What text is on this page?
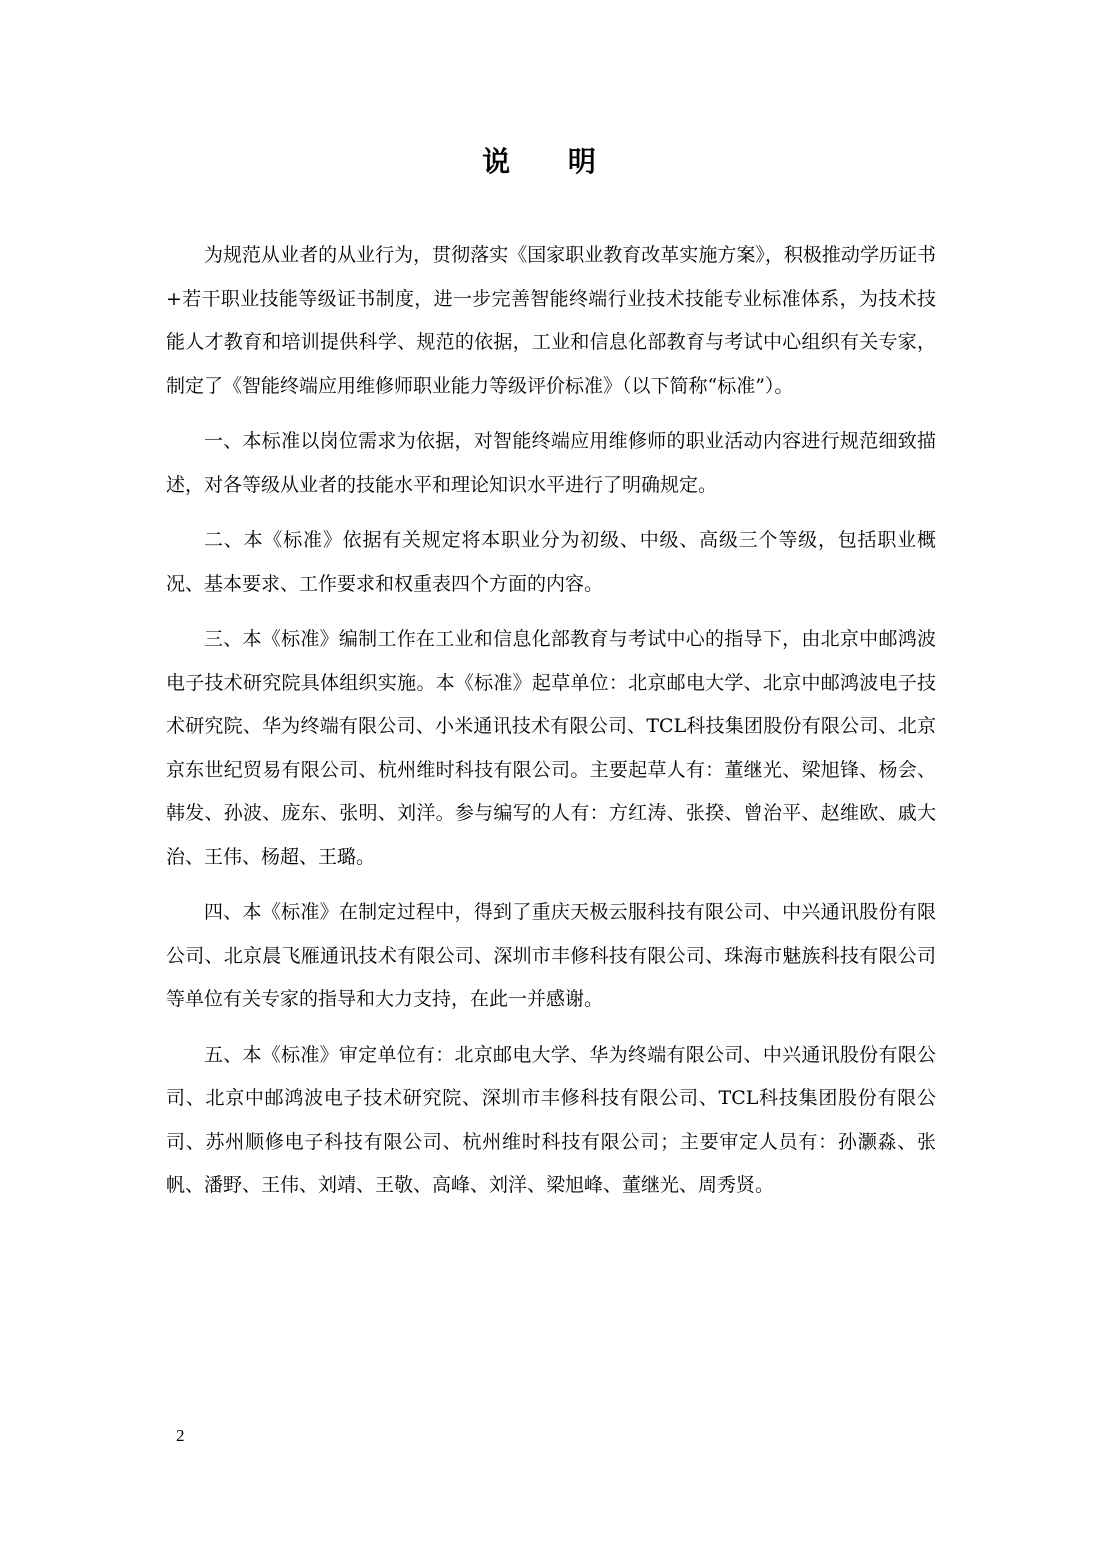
说 明

为规范从业者的从业行为，贯彻落实《国家职业教育改革实施方案》，积极推动学历证书+若干职业技能等级证书制度，进一步完善智能终端行业技术技能专业标准体系，为技术技能人才教育和培训提供科学、规范的依据，工业和信息化部教育与考试中心组织有关专家，制定了《智能终端应用维修师职业能力等级评价标准》（以下简称“标准”）。

一、本标准以岗位需求为依据，对智能终端应用维修师的职业活动内容进行规范细致描述，对各等级从业者的技能水平和理论知识水平进行了明确规定。

二、本《标准》依据有关规定将本职业分为初级、中级、高级三个等级，包括职业概况、基本要求、工作要求和权重表四个方面的内容。

三、本《标准》编制工作在工业和信息化部教育与考试中心的指导下，由北京中邮鸿波电子技术研究院具体组织实施。本《标准》起草单位：北京邮电大学、北京中邮鸿波电子技术研究院、华为终端有限公司、小米通讯技术有限公司、TCL科技集团股份有限公司、北京京东世纪贸易有限公司、杭州维时科技有限公司。主要起草人有：董继光、梁旭锋、杨会、韩发、孙波、庞东、张明、刘洋。参与编写的人有：方红涛、张揆、曾治平、赵维欧、戚大治、王伟、杨超、王璐。

四、本《标准》在制定过程中，得到了重庆天极云服科技有限公司、中兴通讯股份有限公司、北京晨飞雁通讯技术有限公司、深圳市丰修科技有限公司、珠海市魅族科技有限公司等单位有关专家的指导和大力支持，在此一并感谢。

五、本《标准》审定单位有：北京邮电大学、华为终端有限公司、中兴通讯股份有限公司、北京中邮鸿波电子技术研究院、深圳市丰修科技有限公司、TCL科技集团股份有限公司、苏州顺修电子科技有限公司、杭州维时科技有限公司；主要审定人员有：孙灏淼、张帆、潘野、王伟、刘靖、王敬、高峰、刘洋、梁旭峰、董继光、周秀贤。

2
